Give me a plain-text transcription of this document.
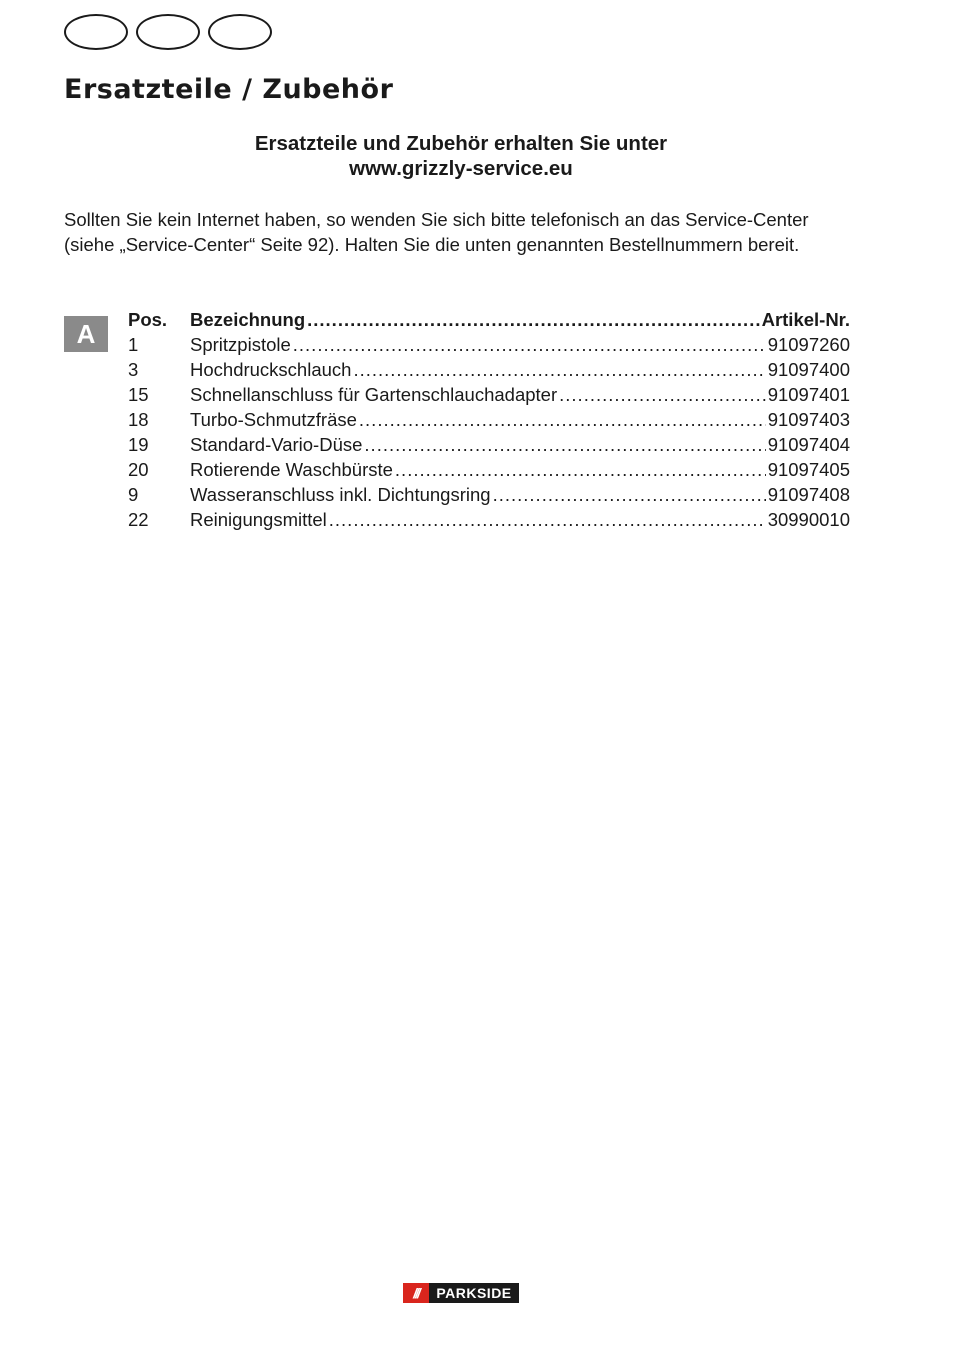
Ersatzteile / Zubehör
Ersatzteile und Zubehör erhalten Sie unter
www.grizzly-service.eu
Sollten Sie kein Internet haben, so wenden Sie sich bitte telefonisch an das Service-Center (siehe „Service-Center“ Seite 92). Halten Sie die unten genannten Bestellnummern bereit.
A	Pos.	Bezeichnung .....	Artikel-Nr.
1	Spritzpistole .....	91097260
3	Hochdruckschlauch .....	91097400
15	Schnellanschluss für Gartenschlauchadapter .....	91097401
18	Turbo-Schmutzfräse .....	91097403
19	Standard-Vario-Düse .....	91097404
20	Rotierende Waschbürste .....	91097405
9	Wasseranschluss inkl. Dichtungsring .....	91097408
22	Reinigungsmittel .....	30990010
///	PARKSIDE
